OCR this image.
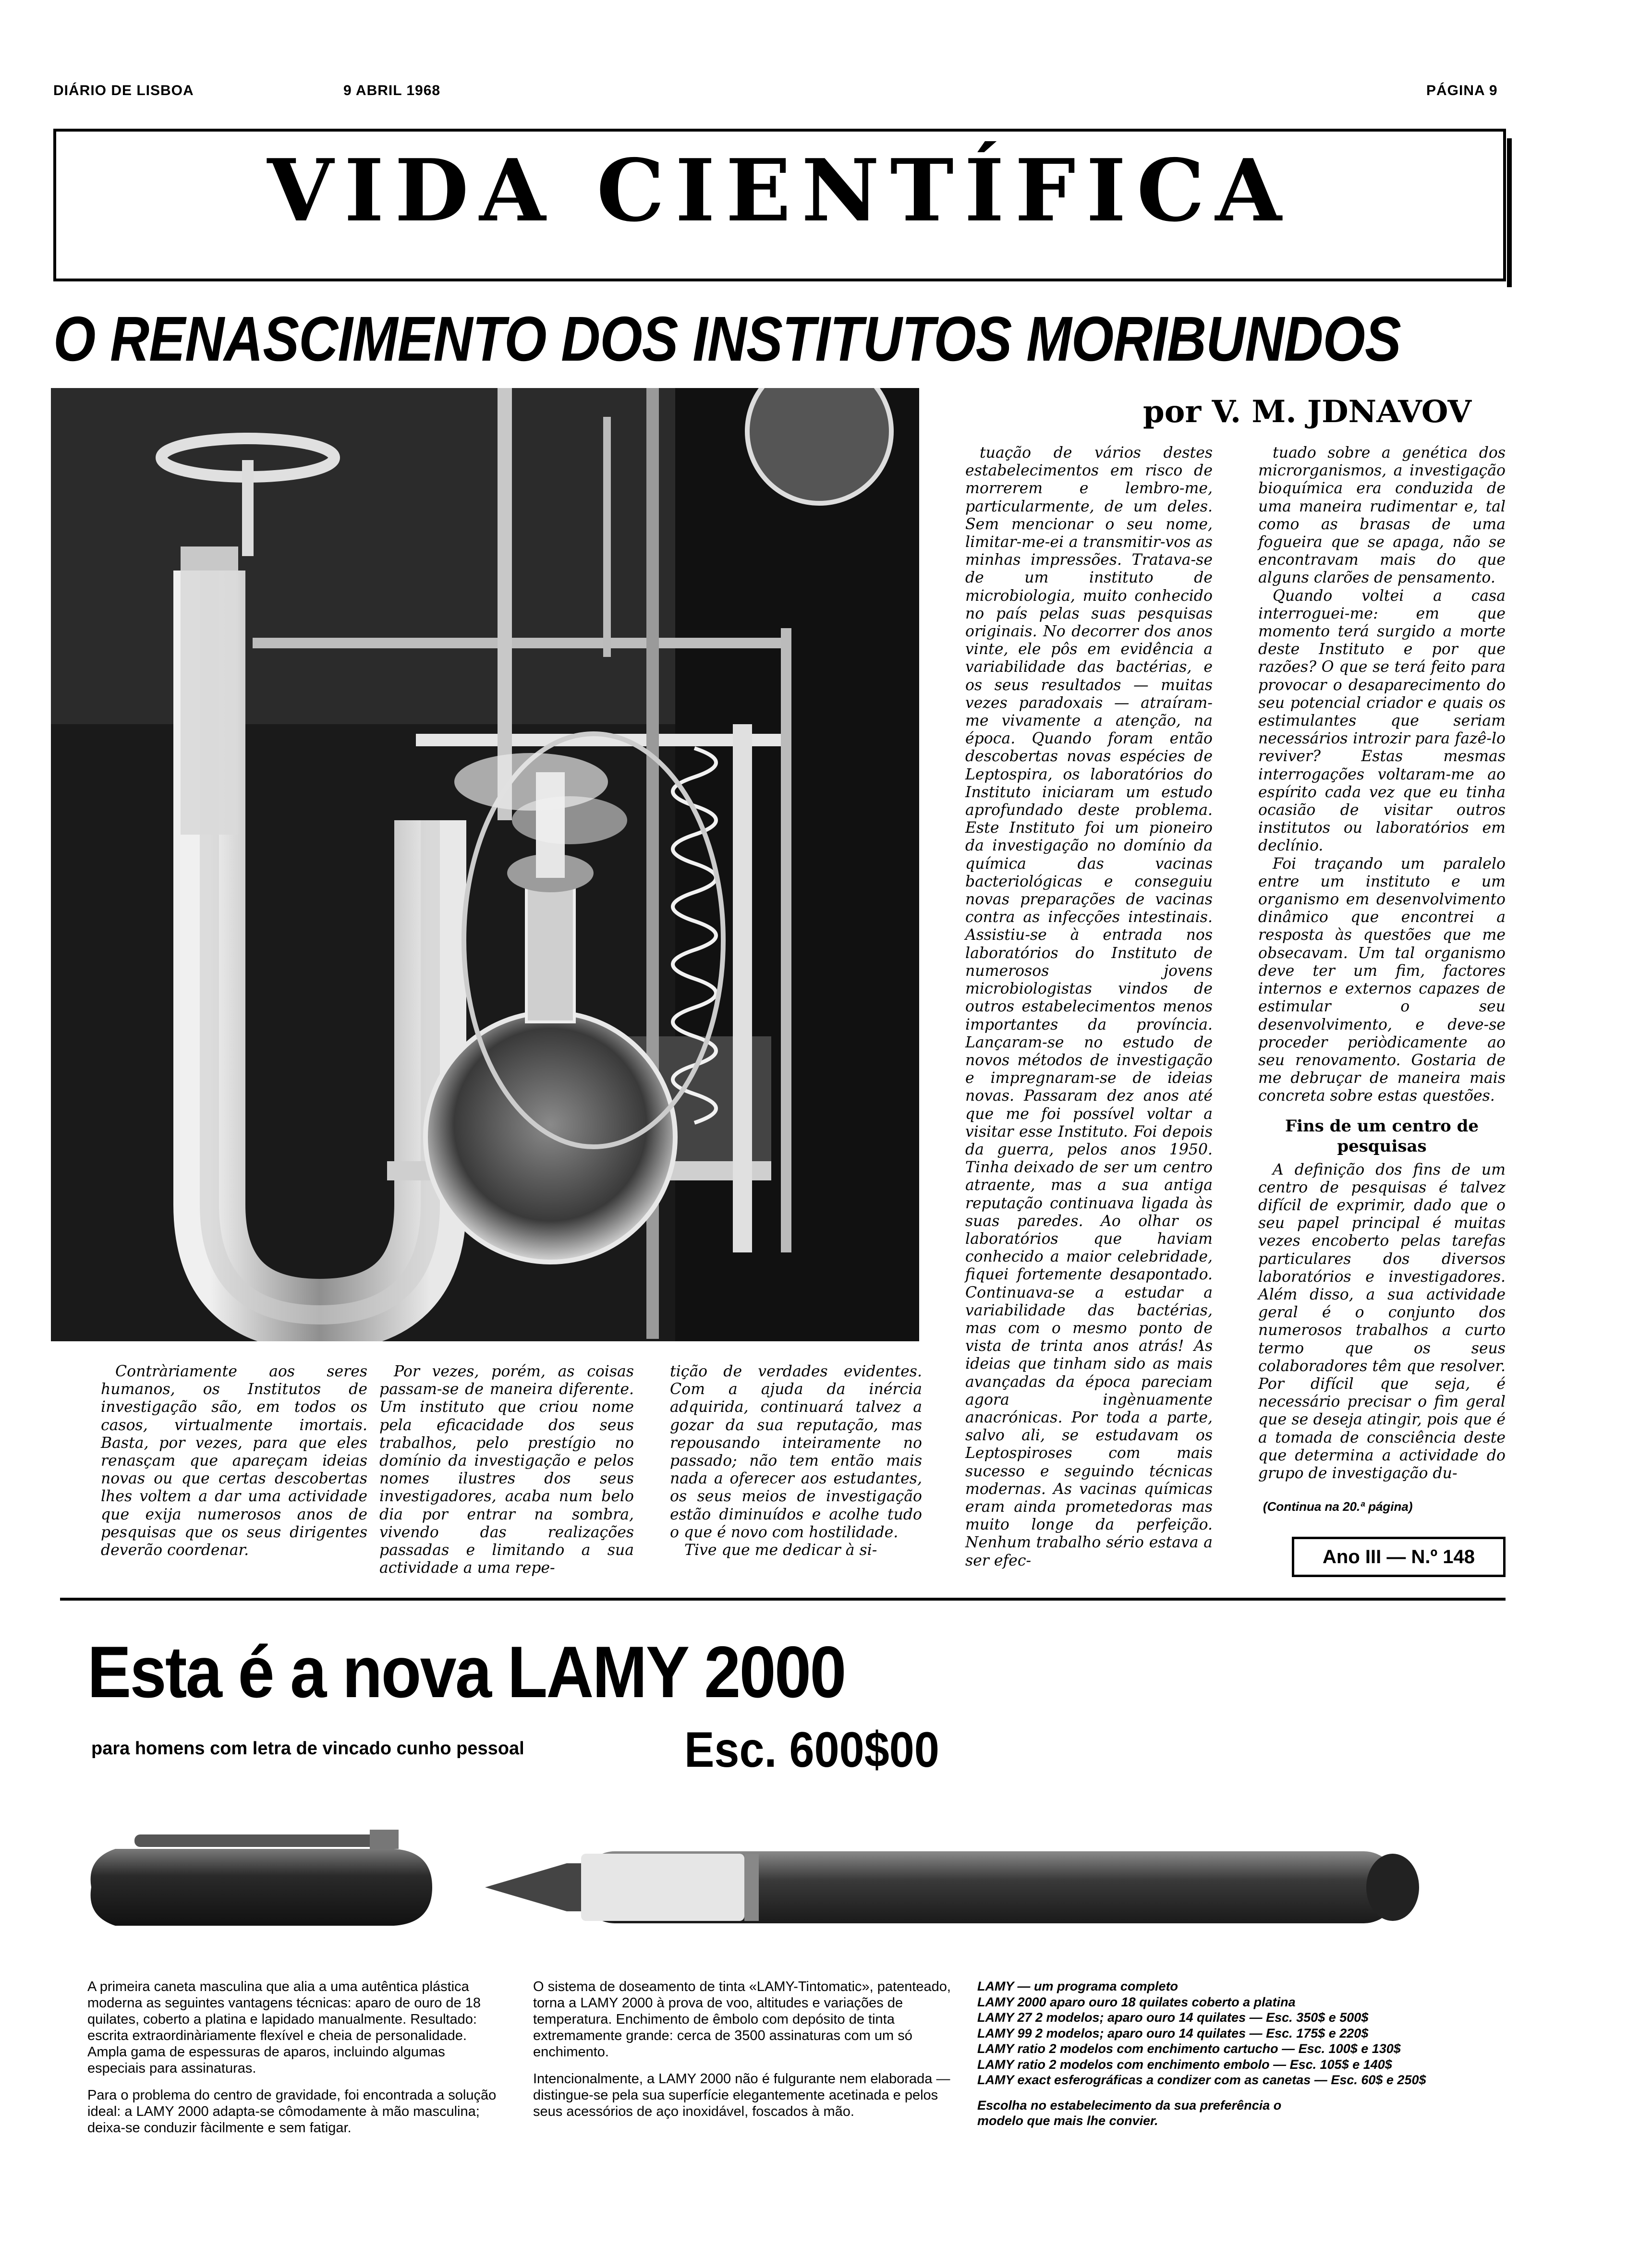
DIÁRIO DE LISBOA	9 ABRIL 1968	PÁGINA 9
VIDA CIENTÍFICA
O RENASCIMENTO DOS INSTITUTOS MORIBUNDOS
por V. M. JDNAVOV
tuação de vários destes estabelecimentos em risco de morrerem e lembro-me, particularmente, de um deles. Sem mencionar o seu nome, limitar-me-ei a transmitir-vos as minhas impressões. Tratava-se de um instituto de microbiologia, muito conhecido no país pelas suas pesquisas originais. No decorrer dos anos vinte, ele pôs em evidência a variabilidade das bactérias, e os seus resultados — muitas vezes paradoxais — atraíram-me vivamente a atenção, na época. Quando foram então descobertas novas espécies de Leptospira, os laboratórios do Instituto iniciaram um estudo aprofundado deste problema. Este Instituto foi um pioneiro da investigação no domínio da química das vacinas bacteriológicas e conseguiu novas preparações de vacinas contra as infecções intestinais. Assistiu-se à entrada nos laboratórios do Instituto de numerosos jovens microbiologistas vindos de outros estabelecimentos menos importantes da província. Lançaram-se no estudo de novos métodos de investigação e impregnaram-se de ideias novas. Passaram dez anos até que me foi possível voltar a visitar esse Instituto. Foi depois da guerra, pelos anos 1950. Tinha deixado de ser um centro atraente, mas a sua antiga reputação continuava ligada às suas paredes. Ao olhar os laboratórios que haviam conhecido a maior celebridade, fiquei fortemente desapontado. Continuava-se a estudar a variabilidade das bactérias, mas com o mesmo ponto de vista de trinta anos atrás! As ideias que tinham sido as mais avançadas da época pareciam agora ingènuamente anacrónicas. Por toda a parte, salvo ali, se estudavam os Leptospiroses com mais sucesso e seguindo técnicas modernas. As vacinas químicas eram ainda prometedoras mas muito longe da perfeição. Nenhum trabalho sério estava a ser efec-
tuado sobre a genética dos microrganismos, a investigação bioquímica era conduzida de uma maneira rudimentar e, tal como as brasas de uma fogueira que se apaga, não se encontravam mais do que alguns clarões de pensamento.
Quando voltei a casa interroguei-me: em que momento terá surgido a morte deste Instituto e por que razões? O que se terá feito para provocar o desaparecimento do seu potencial criador e quais os estimulantes que seriam necessários introzir para fazê-lo reviver? Estas mesmas interrogações voltaram-me ao espírito cada vez que eu tinha ocasião de visitar outros institutos ou laboratórios em declínio.
Foi traçando um paralelo entre um instituto e um organismo em desenvolvimento dinâmico que encontrei a resposta às questões que me obsecavam. Um tal organismo deve ter um fim, factores internos e externos capazes de estimular o seu desenvolvimento, e deve-se proceder periòdicamente ao seu renovamento. Gostaria de me debruçar de maneira mais concreta sobre estas questões.
Fins de um centro de pesquisas
A definição dos fins de um centro de pesquisas é talvez difícil de exprimir, dado que o seu papel principal é muitas vezes encoberto pelas tarefas particulares dos diversos laboratórios e investigadores. Além disso, a sua actividade geral é o conjunto dos numerosos trabalhos a curto termo que os seus colaboradores têm que resolver. Por difícil que seja, é necessário precisar o fim geral que se deseja atingir, pois que é a tomada de consciência deste que determina a actividade do grupo de investigação du-
(Continua na 20.ª página)
Ano III — N.º 148
Contràriamente aos seres humanos, os Institutos de investigação são, em todos os casos, virtualmente imortais. Basta, por vezes, para que eles renasçam que apareçam ideias novas ou que certas descobertas lhes voltem a dar uma actividade que exija numerosos anos de pesquisas que os seus dirigentes deverão coordenar.
Por vezes, porém, as coisas passam-se de maneira diferente. Um instituto que criou nome pela eficacidade dos seus trabalhos, pelo prestígio no domínio da investigação e pelos nomes ilustres dos seus investigadores, acaba num belo dia por entrar na sombra, vivendo das realizações passadas e limitando a sua actividade a uma repe-
tição de verdades evidentes. Com a ajuda da inércia adquirida, continuará talvez a gozar da sua reputação, mas repousando inteiramente no passado; não tem então mais nada a oferecer aos estudantes, os seus meios de investigação estão diminuídos e acolhe tudo o que é novo com hostilidade.
Tive que me dedicar à si-
Esta é a nova LAMY 2000
para homens com letra de vincado cunho pessoal	Esc. 600$00

A primeira caneta masculina que alia a uma autêntica plástica moderna as seguintes vantagens técnicas: aparo de ouro de 18 quilates, coberto a platina e lapidado manualmente. Resultado: escrita extraordinàriamente flexível e cheia de personalidade. Ampla gama de espessuras de aparos, incluindo algumas especiais para assinaturas.

Para o problema do centro de gravidade, foi encontrada a solução ideal: a LAMY 2000 adapta-se cômodamente à mão masculina; deixa-se conduzir fàcilmente e sem fatigar.

O sistema de doseamento de tinta «LAMY-Tintomatic», patenteado, torna a LAMY 2000 à prova de voo, altitudes e variações de temperatura. Enchimento de êmbolo com depósito de tinta extremamente grande: cerca de 3500 assinaturas com um só enchimento.

Intencionalmente, a LAMY 2000 não é fulgurante nem elaborada — distingue-se pela sua superfície elegantemente acetinada e pelos seus acessórios de aço inoxidável, foscados à mão.

LAMY — um programa completo
LAMY 2000 aparo ouro 18 quilates coberto a platina
LAMY 27 2 modelos; aparo ouro 14 quilates — Esc. 350$ e 500$
LAMY 99 2 modelos; aparo ouro 14 quilates — Esc. 175$ e 220$
LAMY ratio 2 modelos com enchimento cartucho — Esc. 100$ e 130$
LAMY ratio 2 modelos com enchimento embolo — Esc. 105$ e 140$
LAMY exact esferográficas a condizer com as canetas — Esc. 60$ e 250$
Escolha no estabelecimento da sua preferência o modelo que mais lhe convier.
